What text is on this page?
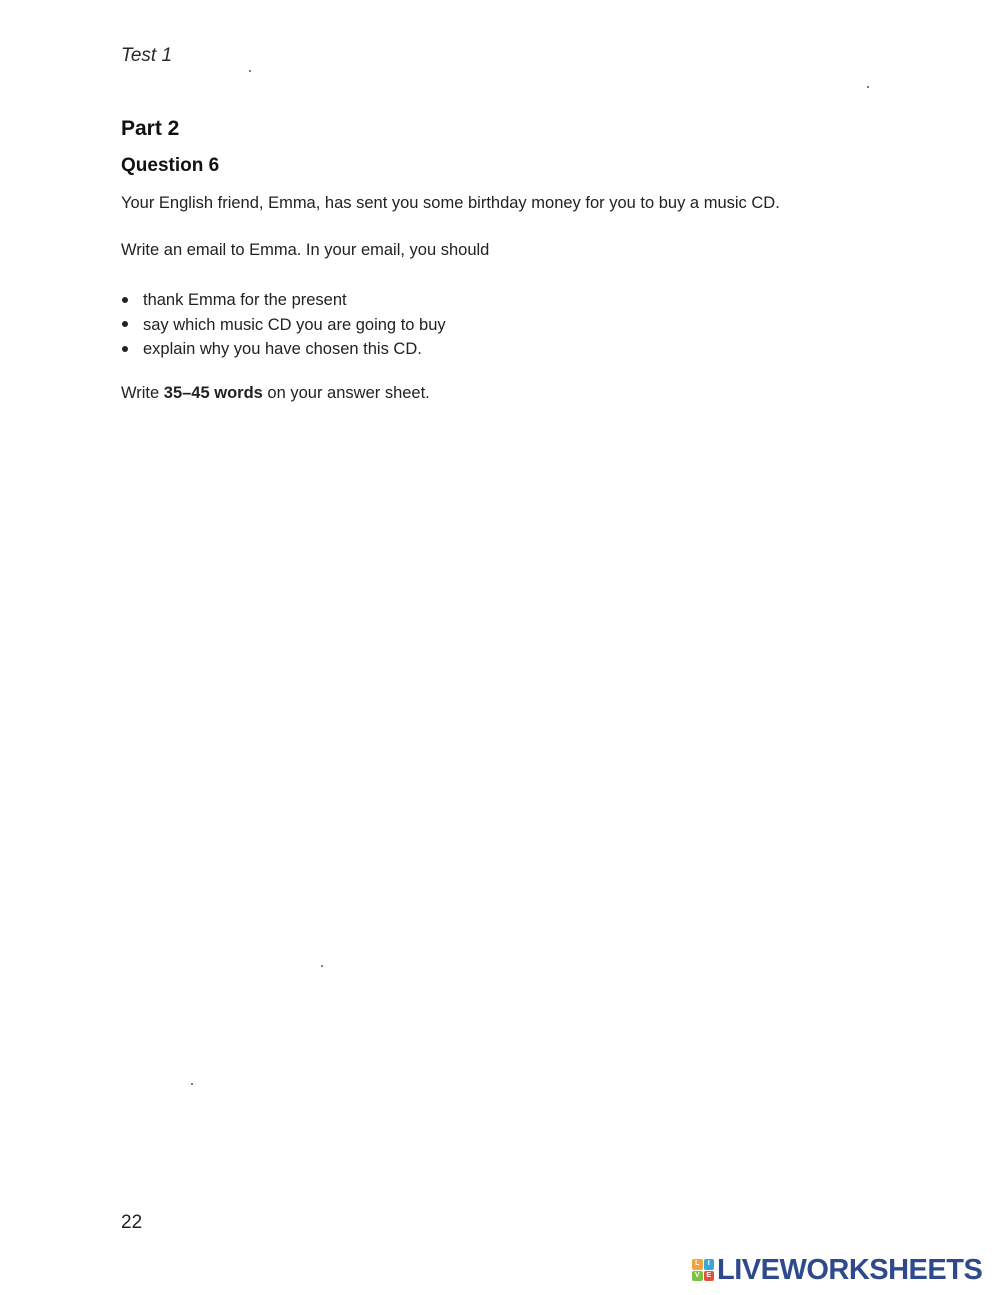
Test 1
Part 2
Question 6
Your English friend, Emma, has sent you some birthday money for you to buy a music CD.
Write an email to Emma. In your email, you should
thank Emma for the present
say which music CD you are going to buy
explain why you have chosen this CD.
Write 35–45 words on your answer sheet.
22
L	I
V E LIVEWORKSHEETS
